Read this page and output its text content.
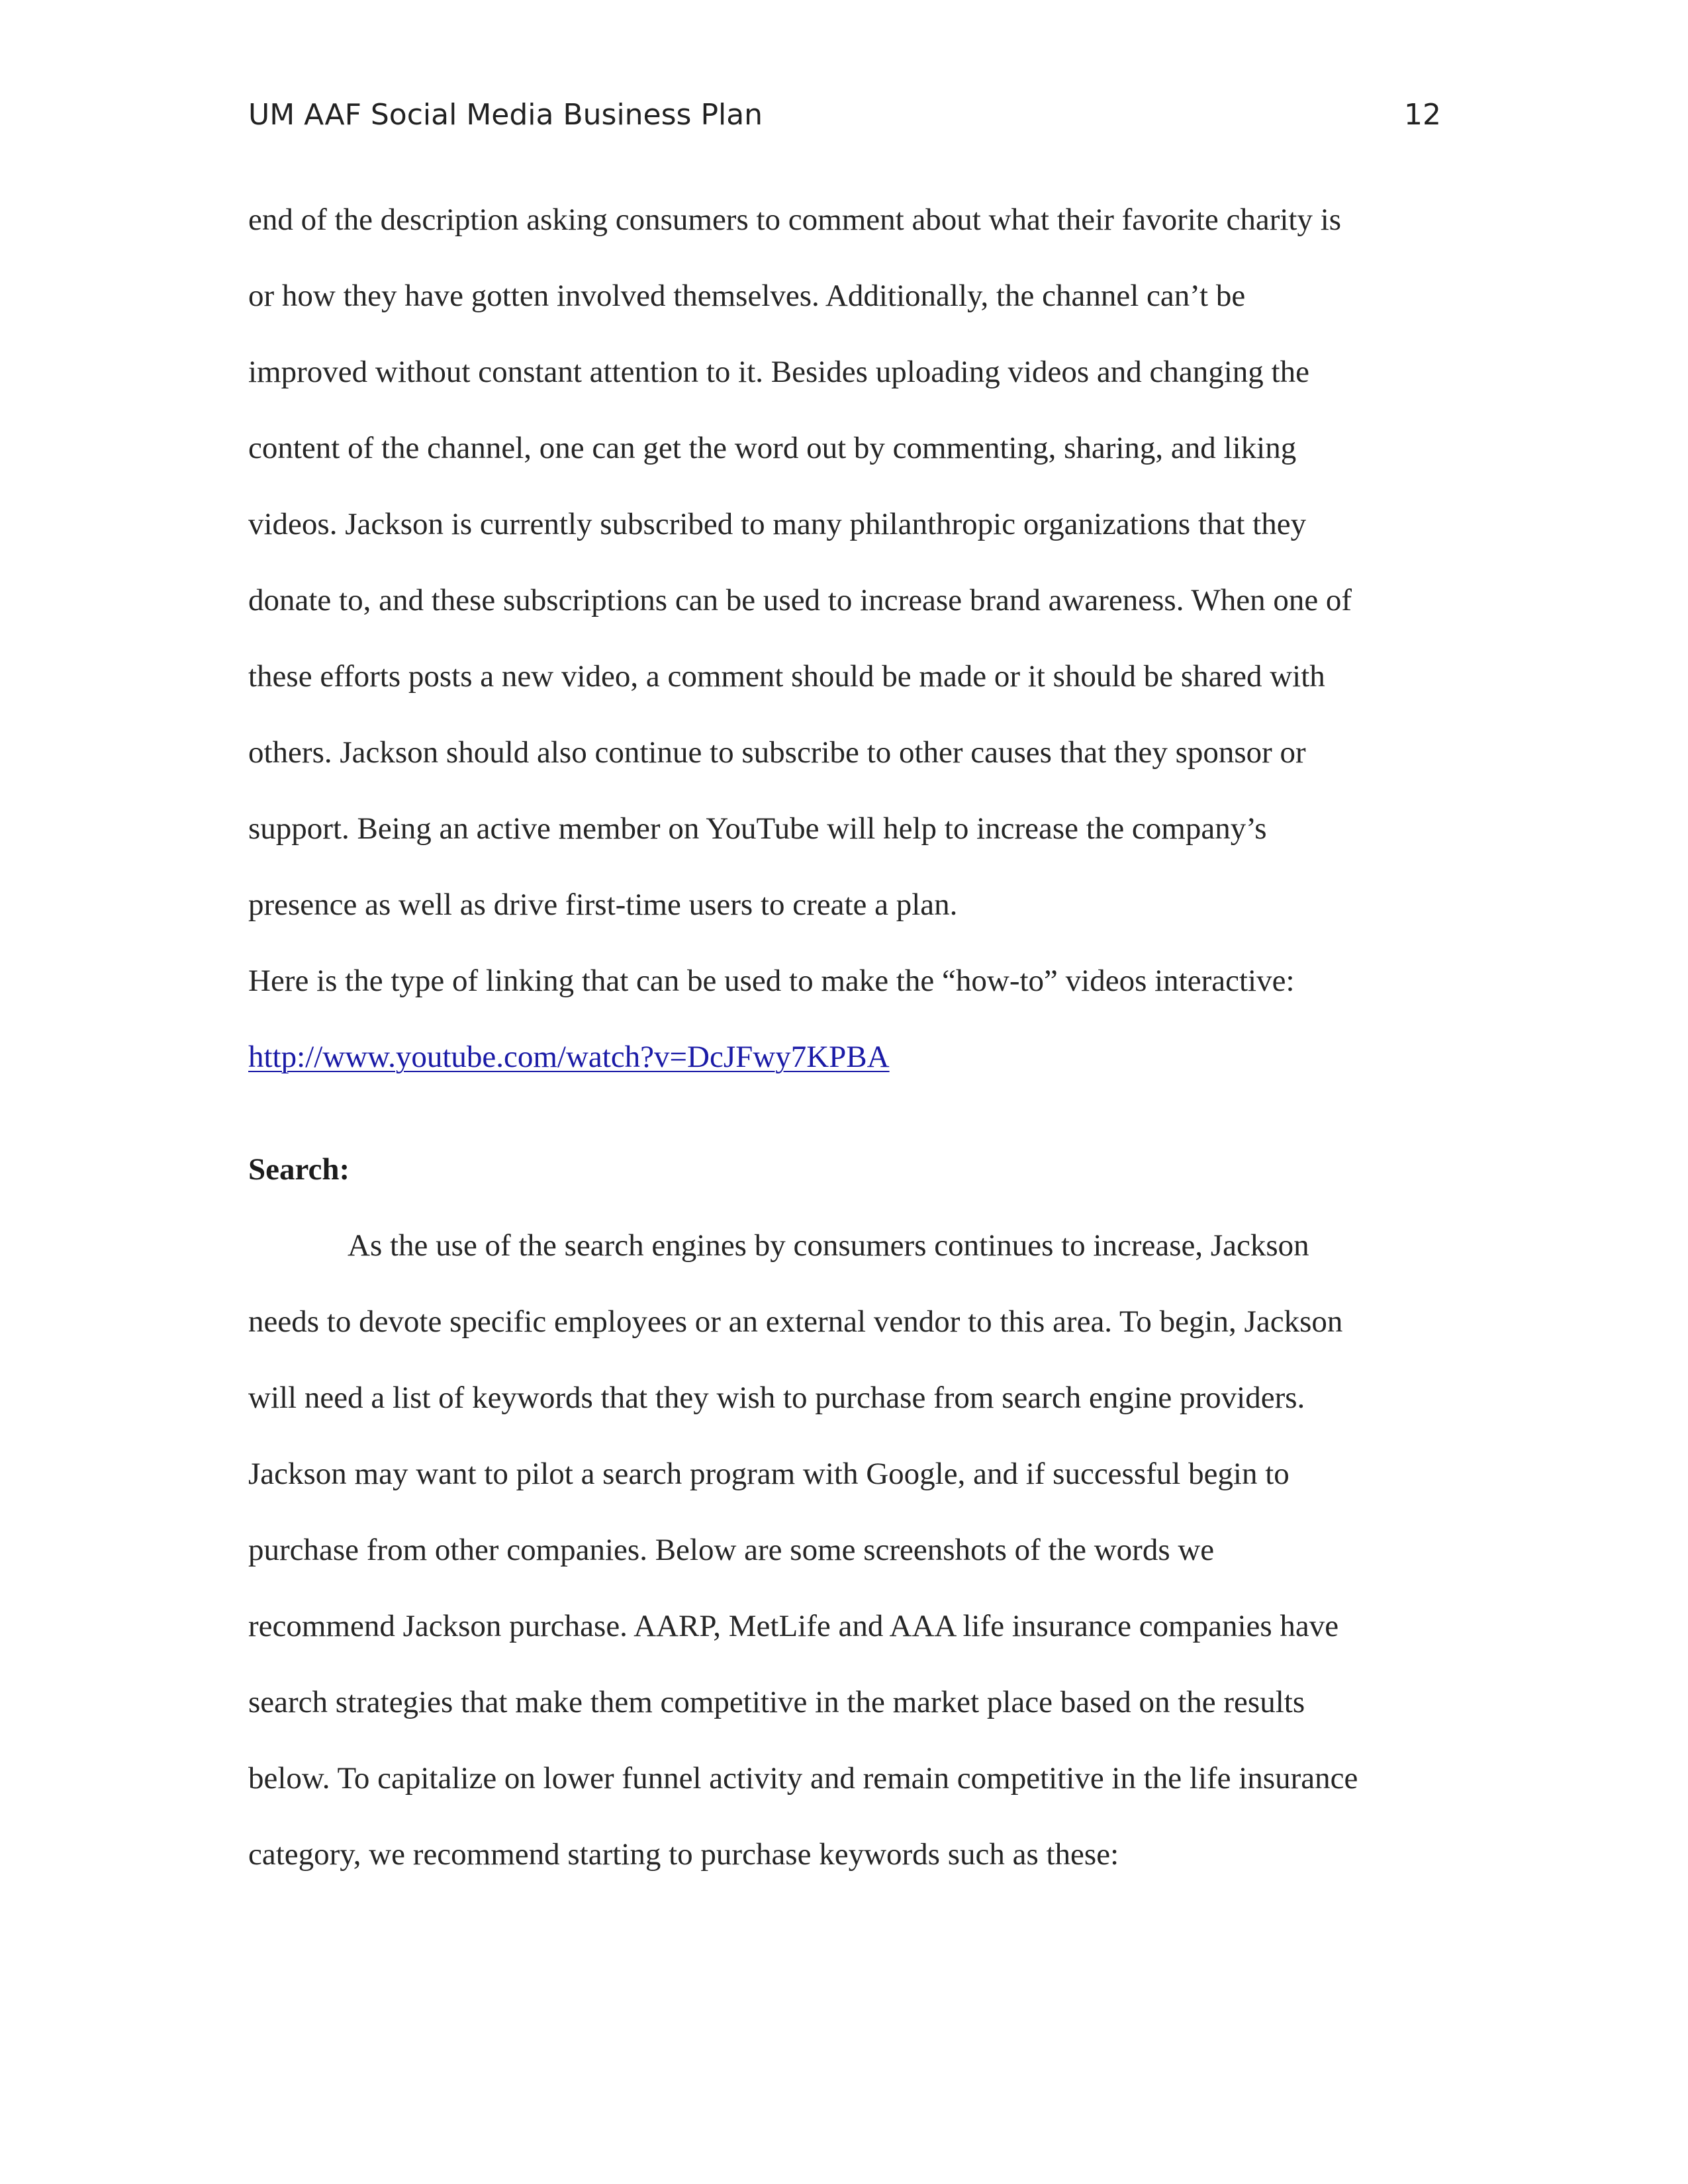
UM AAF Social Media Business Plan	12
end of the description asking consumers to comment about what their favorite charity is
or how they have gotten involved themselves. Additionally, the channel can’t be
improved without constant attention to it. Besides uploading videos and changing the
content of the channel, one can get the word out by commenting, sharing, and liking
videos. Jackson is currently subscribed to many philanthropic organizations that they
donate to, and these subscriptions can be used to increase brand awareness. When one of
these efforts posts a new video, a comment should be made or it should be shared with
others. Jackson should also continue to subscribe to other causes that they sponsor or
support. Being an active member on YouTube will help to increase the company’s
presence as well as drive first-time users to create a plan.
Here is the type of linking that can be used to make the “how-to” videos interactive:
http://www.youtube.com/watch?v=DcJFwy7KPBA
Search:
As the use of the search engines by consumers continues to increase, Jackson
needs to devote specific employees or an external vendor to this area. To begin, Jackson
will need a list of keywords that they wish to purchase from search engine providers.
Jackson may want to pilot a search program with Google, and if successful begin to
purchase from other companies. Below are some screenshots of the words we
recommend Jackson purchase. AARP, MetLife and AAA life insurance companies have
search strategies that make them competitive in the market place based on the results
below. To capitalize on lower funnel activity and remain competitive in the life insurance
category, we recommend starting to purchase keywords such as these:
